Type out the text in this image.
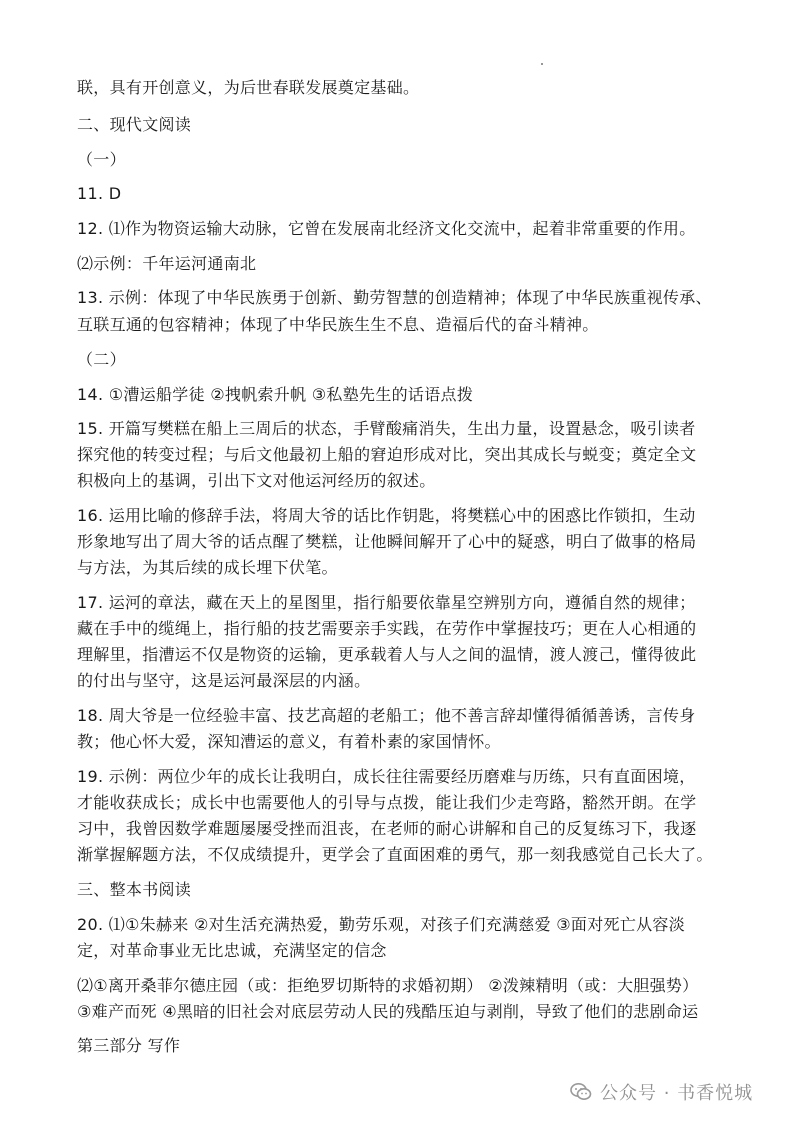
联，具有开创意义，为后世春联发展奠定基础。
二、现代文阅读
（一）
11. D
12. ⑴作为物资运输大动脉，它曾在发展南北经济文化交流中，起着非常重要的作用。
⑵示例：千年运河通南北
13. 示例：体现了中华民族勇于创新、勤劳智慧的创造精神；体现了中华民族重视传承、
互联互通的包容精神；体现了中华民族生生不息、造福后代的奋斗精神。
（二）
14. ①漕运船学徒 ②拽帆索升帆 ③私塾先生的话语点拨
15. 开篇写樊糕在船上三周后的状态，手臂酸痛消失，生出力量，设置悬念，吸引读者
探究他的转变过程；与后文他最初上船的窘迫形成对比，突出其成长与蜕变；奠定全文
积极向上的基调，引出下文对他运河经历的叙述。
16. 运用比喻的修辞手法，将周大爷的话比作钥匙，将樊糕心中的困惑比作锁扣，生动
形象地写出了周大爷的话点醒了樊糕，让他瞬间解开了心中的疑惑，明白了做事的格局
与方法，为其后续的成长埋下伏笔。
17. 运河的章法，藏在天上的星图里，指行船要依靠星空辨别方向，遵循自然的规律；
藏在手中的缆绳上，指行船的技艺需要亲手实践，在劳作中掌握技巧；更在人心相通的
理解里，指漕运不仅是物资的运输，更承载着人与人之间的温情，渡人渡己，懂得彼此
的付出与坚守，这是运河最深层的内涵。
18. 周大爷是一位经验丰富、技艺高超的老船工；他不善言辞却懂得循循善诱，言传身
教；他心怀大爱，深知漕运的意义，有着朴素的家国情怀。
19. 示例：两位少年的成长让我明白，成长往往需要经历磨难与历练，只有直面困境，
才能收获成长；成长中也需要他人的引导与点拨，能让我们少走弯路，豁然开朗。在学
习中，我曾因数学难题屡屡受挫而沮丧，在老师的耐心讲解和自己的反复练习下，我逐
渐掌握解题方法，不仅成绩提升，更学会了直面困难的勇气，那一刻我感觉自己长大了。
三、整本书阅读
20. ⑴①朱赫来 ②对生活充满热爱，勤劳乐观，对孩子们充满慈爱 ③面对死亡从容淡
定，对革命事业无比忠诚，充满坚定的信念
⑵①离开桑菲尔德庄园（或：拒绝罗切斯特的求婚初期） ②泼辣精明（或：大胆强势）
③难产而死 ④黑暗的旧社会对底层劳动人民的残酷压迫与剥削，导致了他们的悲剧命运
第三部分 写作
公众号 · 书香悦城
